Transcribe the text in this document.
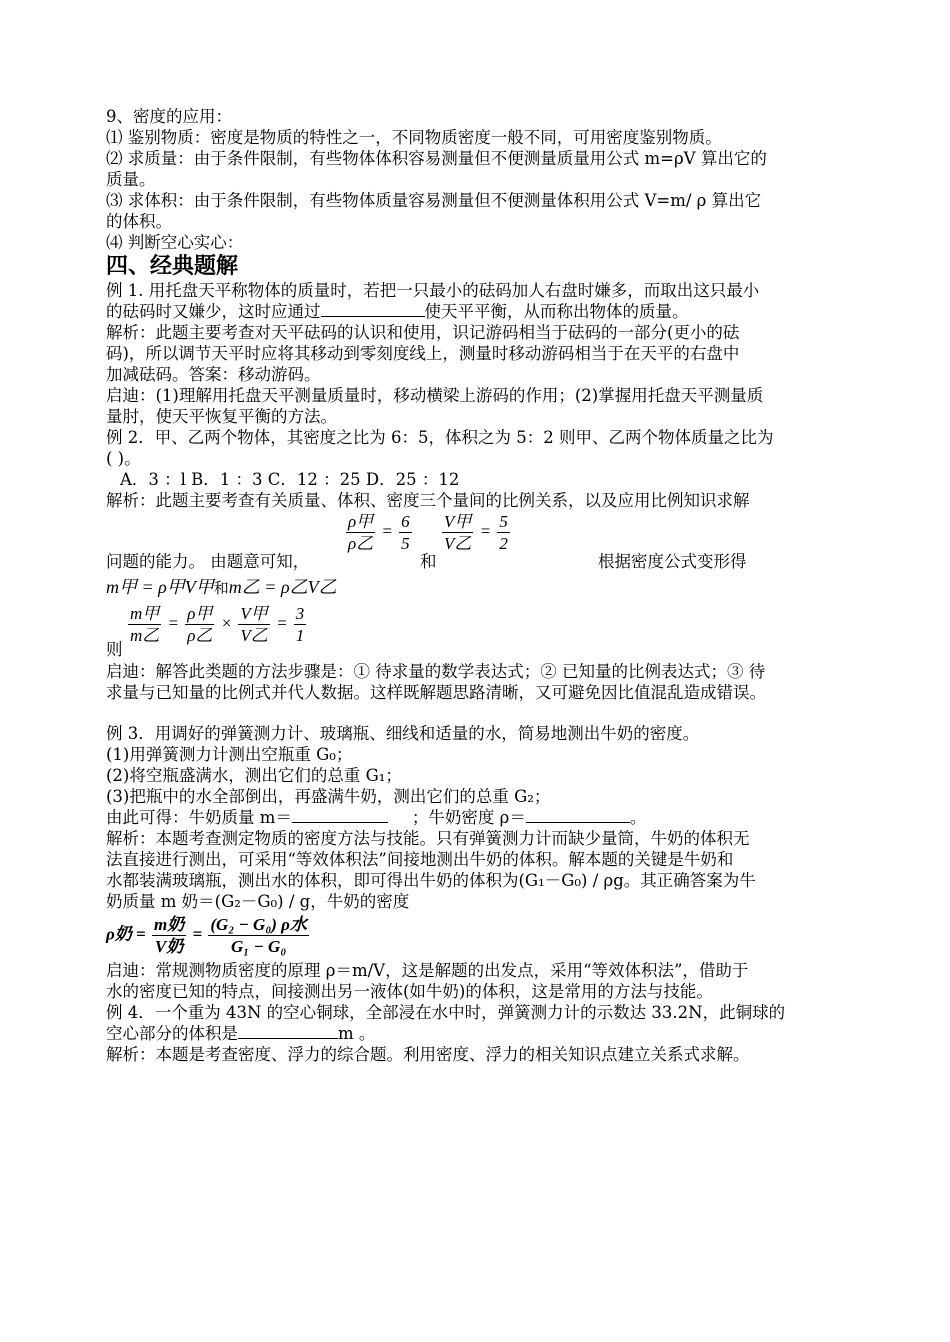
9、密度的应用：

⑴ 鉴别物质：密度是物质的特性之一，不同物质密度一般不同，可用密度鉴别物质。

⑵ 求质量：由于条件限制，有些物体体积容易测量但不便测量质量用公式 m=ρV 算出它的

质量。

⑶ 求体积：由于条件限制，有些物体质量容易测量但不便测量体积用公式 V=m/ ρ 算出它

的体积。

⑷ 判断空心实心：

四、经典题解

例 1. 用托盘天平称物体的质量时，若把一只最小的砝码加人右盘时嫌多，而取出这只最小

的砝码时又嫌少，这时应通过	使天平平衡，从而称出物体的质量。

解析：此题主要考查对天平砝码的认识和使用，识记游码相当于砝码的一部分(更小的砝

码)，所以调节天平时应将其移动到零刻度线上，测量时移动游码相当于在天平的右盘中

加减砝码。答案：移动游码。

启迪：(1)理解用托盘天平测量质量时，移动横梁上游码的作用；(2)掌握用托盘天平测量质

量肘，使天平恢复平衡的方法。

例 2．甲、乙两个物体，其密度之比为 6：5，体积之为 5：2 则甲、乙两个物体质量之比为

( )。

A．3 ：l B．1 ：3 C．12 ：25 D．25 ：12

解析：此题主要考查有关质量、体积、密度三个量间的比例关系，以及应用比例知识求解

问题的能力。 由题意可知，
$\frac{\text{ρ甲}}{\text{ρ乙}} = \frac{6}{5}$
和
$\frac{\text{V甲}}{\text{V乙}} = \frac{5}{2}$
根据密度公式变形得

m甲 = ρ甲V甲和m乙 = ρ乙V乙

则
$\frac{\text{m甲}}{\text{m乙}} = \frac{\text{ρ甲}}{\text{ρ乙}} \times \frac{\text{V甲}}{\text{V乙}} = \frac{3}{1}$

启迪：解答此类题的方法步骤是：① 待求量的数学表达式；② 已知量的比例表达式；③ 待

求量与已知量的比例式并代人数据。这样既解题思路清晰，又可避免因比值混乱造成错误。

例 3．用调好的弹簧测力计、玻璃瓶、细线和适量的水，简易地测出牛奶的密度。

(1)用弹簧测力计测出空瓶重 G₀；

(2)将空瓶盛满水，测出它们的总重 G₁；

(3)把瓶中的水全部倒出，再盛满牛奶，测出它们的总重 G₂；

由此可得：牛奶质量 m＝	；牛奶密度 ρ＝	。

解析：本题考查测定物质的密度方法与技能。只有弹簧测力计而缺少量筒，牛奶的体积无

法直接进行测出，可采用“等效体积法”间接地测出牛奶的体积。解本题的关键是牛奶和

水都装满玻璃瓶，测出水的体积，即可得出牛奶的体积为(G₁－G₀) / ρg。其正确答案为牛

奶质量 m 奶＝(G₂－G₀) / g，牛奶的密度

ρ奶 = $\frac{\text{m奶}}{\text{V奶}} = \frac{\text{(G₂ − G₀) ρ水}}{\text{G₁ − G₀}}$

启迪：常规测物质密度的原理 ρ＝m/V，这是解题的出发点，采用“等效体积法”，借助于

水的密度已知的特点，间接测出另一液体(如牛奶)的体积，这是常用的方法与技能。

例 4．一个重为 43N 的空心铜球，全部浸在水中时，弹簧测力计的示数达 33.2N，此铜球的

空心部分的体积是	m 。

解析：本题是考查密度、浮力的综合题。利用密度、浮力的相关知识点建立关系式求解。
